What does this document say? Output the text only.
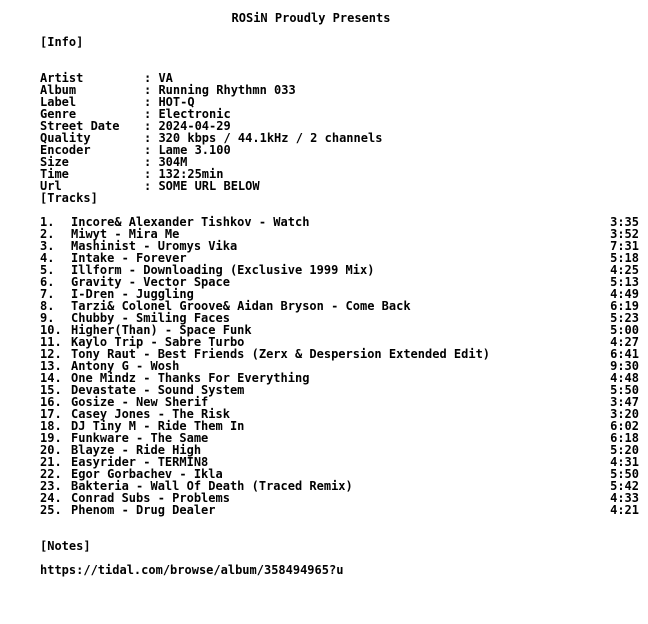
ROSiN Proudly Presents
[Info]

Artist	: VA

Album	: Running Rhythmn 033

Label	: HOT-Q

Genre	: Electronic

Street Date : 2024-04-29

Quality	: 320 kbps / 44.1kHz / 2 channels

Encoder	: Lame 3.100

Size	: 304M

Time	: 132:25min

Url	: SOME URL BELOW

[Tracks]
1. Incore& Alexander Tishkov - Watch	3:35
2. Miwyt - Mira Me	3:52
3. Mashinist - Uromys Vika	7:31
4. Intake - Forever	5:18
5. Illform - Downloading (Exclusive 1999 Mix)	4:25
6. Gravity - Vector Space	5:13
7. I-Dren - Juggling	4:49
8. Tarzi& Colonel Groove& Aidan Bryson - Come Back	6:19
9. Chubby - Smiling Faces	5:23
10. Higher(Than) - Space Funk	5:00
11. Kaylo Trip - Sabre Turbo	4:27
12. Tony Raut - Best Friends (Zerx & Despersion Extended Edit)	6:41
13. Antony G - Wosh	9:30
14. One Mindz - Thanks For Everything	4:48
15. Devastate - Sound System	5:50
16. Gosize - New Sherif	3:47
17. Casey Jones - The Risk	3:20
18. DJ Tiny M - Ride Them In	6:02
19. Funkware - The Same	6:18
20. Blayze - Ride High	5:20
21. Easyrider - TERMIN8	4:31
22. Egor Gorbachev - Ikla	5:50
23. Bakteria - Wall Of Death (Traced Remix)	5:42
24. Conrad Subs - Problems	4:33
25. Phenom - Drug Dealer	4:21
[Notes]
https://tidal.com/browse/album/358494965?u
